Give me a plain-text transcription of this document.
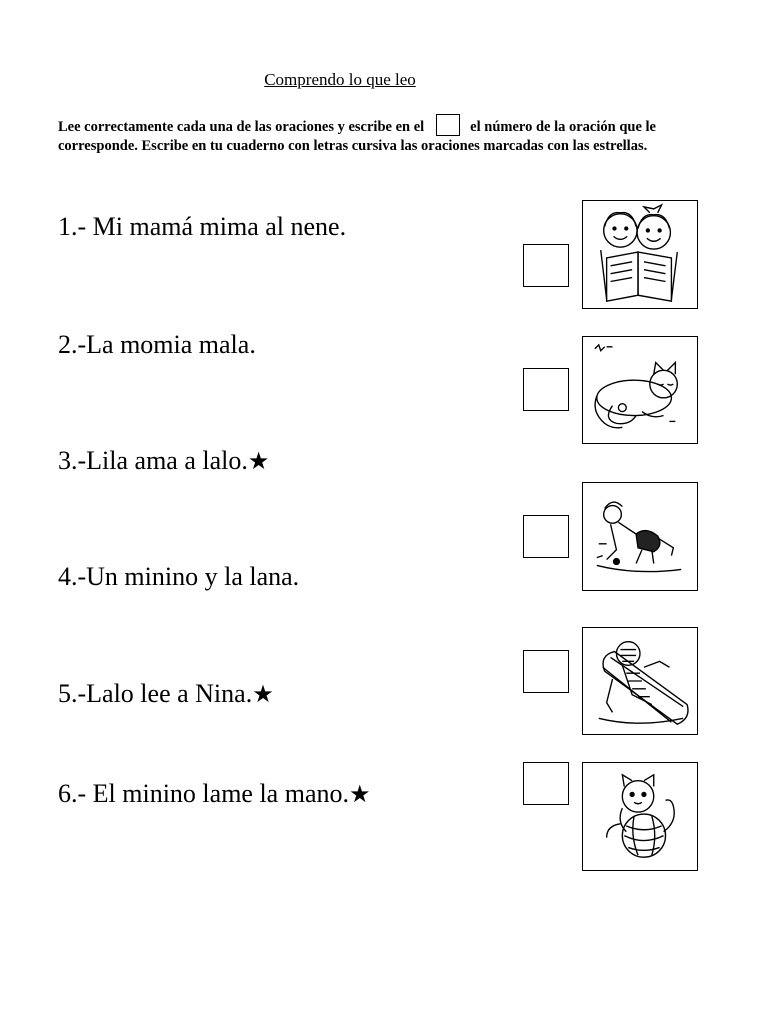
Comprendo lo que leo
Lee correctamente cada una de las oraciones y escribe en el	el número de la oración que le corresponde. Escribe en tu cuaderno con letras cursiva las oraciones marcadas con las estrellas.
1.- Mi mamá mima al nene.
2.-La momia mala.
3.-Lila ama a lalo.★
4.-Un minino y la lana.
5.-Lalo lee a Nina.★
6.- El minino lame la mano.★
